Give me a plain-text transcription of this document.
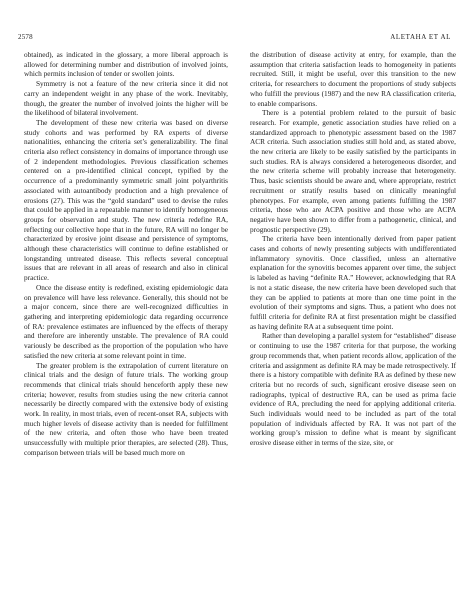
2578	ALETAHA ET AL

obtained), as indicated in the glossary, a more liberal approach is allowed for determining number and distribution of involved joints, which permits inclusion of tender or swollen joints.

Symmetry is not a feature of the new criteria since it did not carry an independent weight in any phase of the work. Inevitably, though, the greater the number of involved joints the higher will be the likelihood of bilateral involvement.

The development of these new criteria was based on diverse study cohorts and was performed by RA experts of diverse nationalities, enhancing the criteria set’s generalizability. The final criteria also reflect consistency in domains of importance through use of 2 independent methodologies. Previous classification schemes centered on a pre-identified clinical concept, typified by the occurrence of a predominantly symmetric small joint polyarthritis associated with autoantibody production and a high prevalence of erosions (27). This was the “gold standard” used to devise the rules that could be applied in a repeatable manner to identify homogeneous groups for observation and study. The new criteria redefine RA, reflecting our collective hope that in the future, RA will no longer be characterized by erosive joint disease and persistence of symptoms, although these characteristics will continue to define established or longstanding untreated disease. This reflects several conceptual issues that are relevant in all areas of research and also in clinical practice.

Once the disease entity is redefined, existing epidemiologic data on prevalence will have less relevance. Generally, this should not be a major concern, since there are well-recognized difficulties in gathering and interpreting epidemiologic data regarding occurrence of RA: prevalence estimates are influenced by the effects of therapy and therefore are inherently unstable. The prevalence of RA could variously be described as the proportion of the population who have satisfied the new criteria at some relevant point in time.

The greater problem is the extrapolation of current literature on clinical trials and the design of future trials. The working group recommends that clinical trials should henceforth apply these new criteria; however, results from studies using the new criteria cannot necessarily be directly compared with the extensive body of existing work. In reality, in most trials, even of recent-onset RA, subjects with much higher levels of disease activity than is needed for fulfillment of the new criteria, and often those who have been treated unsuccessfully with multiple prior therapies, are selected (28). Thus, comparison between trials will be based much more on

the distribution of disease activity at entry, for example, than the assumption that criteria satisfaction leads to homogeneity in patients recruited. Still, it might be useful, over this transition to the new criteria, for researchers to document the proportions of study subjects who fulfill the previous (1987) and the new RA classification criteria, to enable comparisons.

There is a potential problem related to the pursuit of basic research. For example, genetic association studies have relied on a standardized approach to phenotypic assessment based on the 1987 ACR criteria. Such association studies still hold and, as stated above, the new criteria are likely to be easily satisfied by the participants in such studies. RA is always considered a heterogeneous disorder, and the new criteria scheme will probably increase that heterogeneity. Thus, basic scientists should be aware and, where appropriate, restrict recruitment or stratify results based on clinically meaningful phenotypes. For example, even among patients fulfilling the 1987 criteria, those who are ACPA positive and those who are ACPA negative have been shown to differ from a pathogenetic, clinical, and prognostic perspective (29).

The criteria have been intentionally derived from paper patient cases and cohorts of newly presenting subjects with undifferentiated inflammatory synovitis. Once classified, unless an alternative explanation for the synovitis becomes apparent over time, the subject is labeled as having “definite RA.” However, acknowledging that RA is not a static disease, the new criteria have been developed such that they can be applied to patients at more than one time point in the evolution of their symptoms and signs. Thus, a patient who does not fulfill criteria for definite RA at first presentation might be classified as having definite RA at a subsequent time point.

Rather than developing a parallel system for “established” disease or continuing to use the 1987 criteria for that purpose, the working group recommends that, when patient records allow, application of the criteria and assignment as definite RA may be made retrospectively. If there is a history compatible with definite RA as defined by these new criteria but no records of such, significant erosive disease seen on radiographs, typical of destructive RA, can be used as prima facie evidence of RA, precluding the need for applying additional criteria. Such individuals would need to be included as part of the total population of individuals affected by RA. It was not part of the working group’s mission to define what is meant by significant erosive disease either in terms of the size, site, or
